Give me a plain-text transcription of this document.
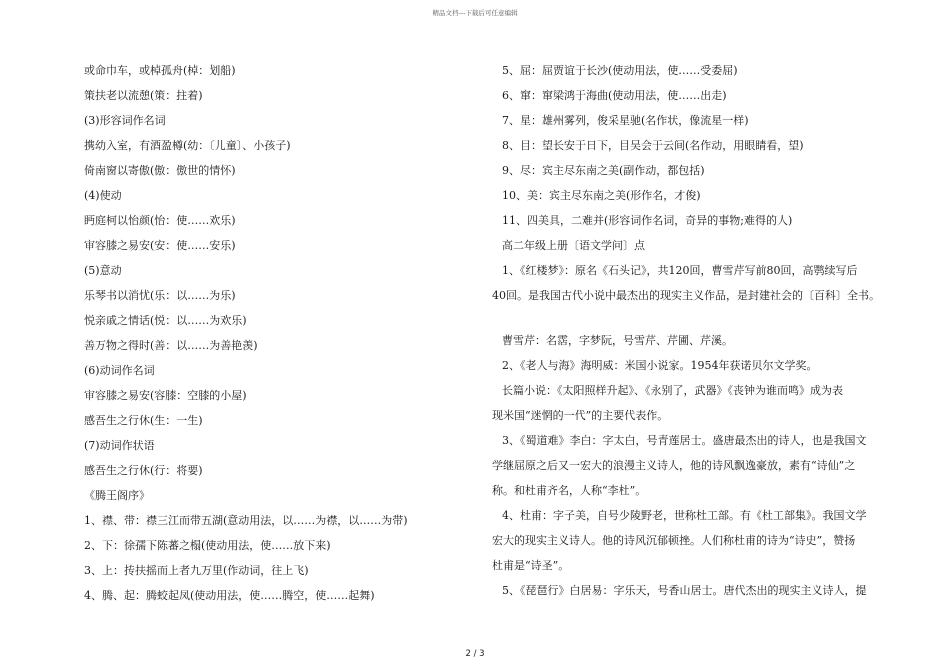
精品文档---下载后可任意编辑
或命巾车，或棹孤舟(棹：划船)
策扶老以流憩(策：拄着)
(3)形容词作名词
携幼入室，有酒盈樽(幼：〔儿童〕、小孩子)
倚南窗以寄傲(傲：傲世的情怀)
(4)使动
眄庭柯以怡颜(怡：使……欢乐)
审容膝之易安(安：使……安乐)
(5)意动
乐琴书以消忧(乐：以……为乐)
悦亲戚之情话(悦：以……为欢乐)
善万物之得时(善：以……为善艳羡)
(6)动词作名词
审容膝之易安(容膝：空膝的小屋)
感吾生之行休(生：一生)
(7)动词作状语
感吾生之行休(行：将要)
《腾王阁序》
1、襟、带：襟三江而带五湖(意动用法，以……为襟，以……为带)
2、下：徐孺下陈蕃之榻(使动用法，使……放下来)
3、上：抟扶摇而上者九万里(作动词，往上飞)
4、腾、起：腾蛟起凤(使动用法，使……腾空，使……起舞)
5、屈：屈贾谊于长沙(使动用法，使……受委屈)
6、窜：窜梁鸿于海曲(使动用法，使……出走)
7、星：雄州雾列，俊采星驰(名作状，像流星一样)
8、目：望长安于日下，目吴会于云间(名作动，用眼睛看，望)
9、尽：宾主尽东南之美(副作动，都包括)
10、美：宾主尽东南之美(形作名，才俊)
11、四美具，二难并(形容词作名词，奇异的事物;难得的人)
高二年级上册〔语文学问〕点
1、《红楼梦》：原名《石头记》，共120回，曹雪芹写前80回，高鹗续写后
40回。是我国古代小说中最杰出的现实主义作品，是封建社会的〔百科〕全书。
曹雪芹：名霑，字梦阮，号雪芹、芹圃、芹溪。
2、《老人与海》海明威：米国小说家。1954年获诺贝尔文学奖。
长篇小说：《太阳照样升起》、《永别了，武器》《丧钟为谁而鸣》成为表
现米国“迷惘的一代”的主要代表作。
3、《蜀道难》李白：字太白，号青莲居士。盛唐最杰出的诗人，也是我国文
学继屈原之后又一宏大的浪漫主义诗人，他的诗风飘逸豪放，素有“诗仙”之
称。和杜甫齐名，人称“李杜”。
4、杜甫：字子美，自号少陵野老，世称杜工部。有《杜工部集》。我国文学
宏大的现实主义诗人。他的诗风沉郁顿挫。人们称杜甫的诗为“诗史”，赞扬
杜甫是“诗圣”。
5、《琵琶行》白居易：字乐天，号香山居士。唐代杰出的现实主义诗人，提
2 / 3
